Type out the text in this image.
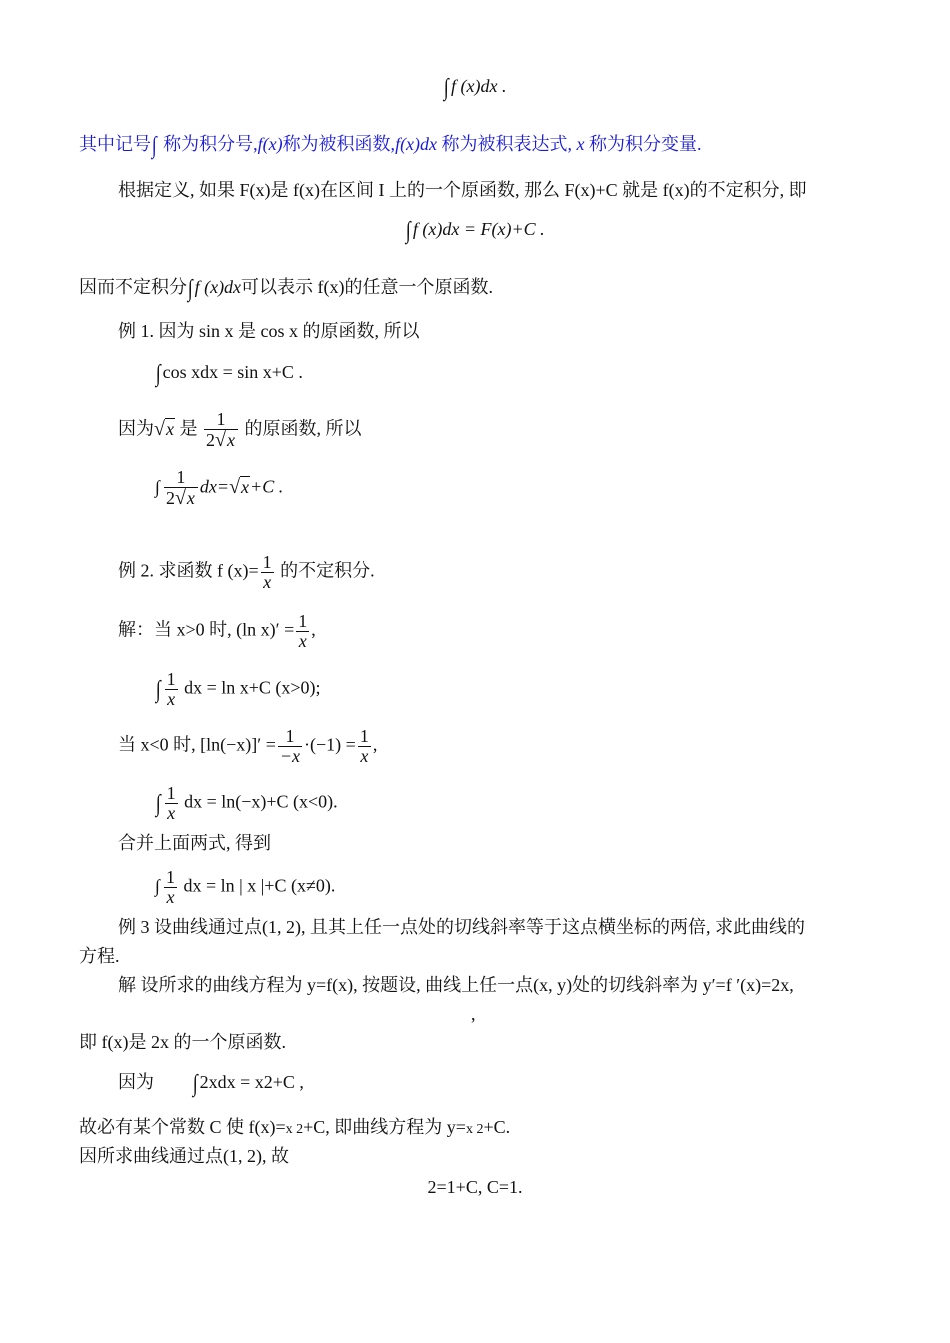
∫ f (x)dx .
其中记号∫ 称为积分号,f(x)称为被积函数,f(x)dx 称为被积表达式, x 称为积分变量.
根据定义, 如果 F(x)是 f(x)在区间 I 上的一个原函数, 那么 F(x)+C 就是 f(x)的不定积分, 即
∫ f (x)dx = F(x)+C .
因而不定积分∫ f (x)dx可以表示 f(x)的任意一个原函数.
例 1. 因为 sin x 是 cos x 的原函数, 所以
∫ cos xdx = sin x+C .
因为√x 是 $\frac{1}{2√x}$ 的原函数, 所以
∫ $\frac{1}{2√x} dx=√x+C$ .
例 2. 求函数 f $(x)= \frac{1}{x}$ 的不定积分.
解：当 x>0 时, (ln $x)' = \frac{1}{x}$ ,
∫ $\frac{1}{x}$ dx = ln x+C (x>0);
当 x<0 时, $[\ln(-x)]' = \frac{1}{-x} \cdot(-1) = \frac{1}{x}$ ,
∫ $\frac{1}{x}$ dx = ln(−x)+C (x<0).
合并上面两式, 得到
∫ $\frac{1}{x}$ dx = ln | x |+C (x≠0).
例 3 设曲线通过点(1, 2), 且其上任一点处的切线斜率等于这点横坐标的两倍, 求此曲线的
方程.
解 设所求的曲线方程为 y=f(x), 按题设, 曲线上任一点(x, y)处的切线斜率为 y′=f ′(x)=2x,
,
即 f(x)是 2x 的一个原函数.
因为 ∫ 2xdx = x2+C ,
故必有某个常数 C 使 f(x)=x 2+C, 即曲线方程为 y=x 2+C.
因所求曲线通过点(1, 2), 故
2=1+C, C=1.
